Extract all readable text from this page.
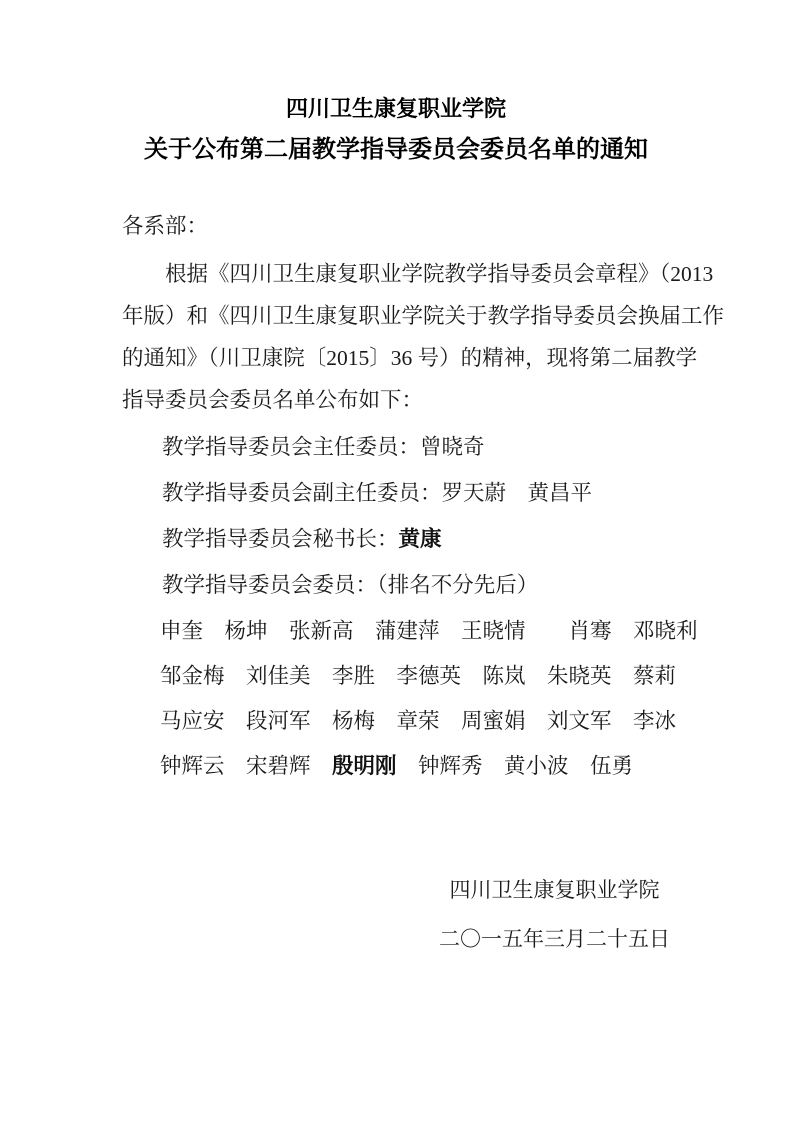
四川卫生康复职业学院
关于公布第二届教学指导委员会委员名单的通知
各系部：
根据《四川卫生康复职业学院教学指导委员会章程》（2013
年版）和《四川卫生康复职业学院关于教学指导委员会换届工作
的通知》（川卫康院〔2015〕36 号）的精神，现将第二届教学
指导委员会委员名单公布如下：
教学指导委员会主任委员：曾晓奇
教学指导委员会副主任委员：罗天蔚　黄昌平
教学指导委员会秘书长：黄康
教学指导委员会委员：（排名不分先后）
申奎　杨坤　张新高　蒲建萍　王晓情　　肖骞　邓晓利
邹金梅　刘佳美　李胜　李德英　陈岚　朱晓英　蔡莉
马应安　段河军　杨梅　章荣　周蜜娟　刘文军　李冰
钟辉云　宋碧辉　殷明刚　钟辉秀　黄小波　伍勇
四川卫生康复职业学院
二〇一五年三月二十五日
